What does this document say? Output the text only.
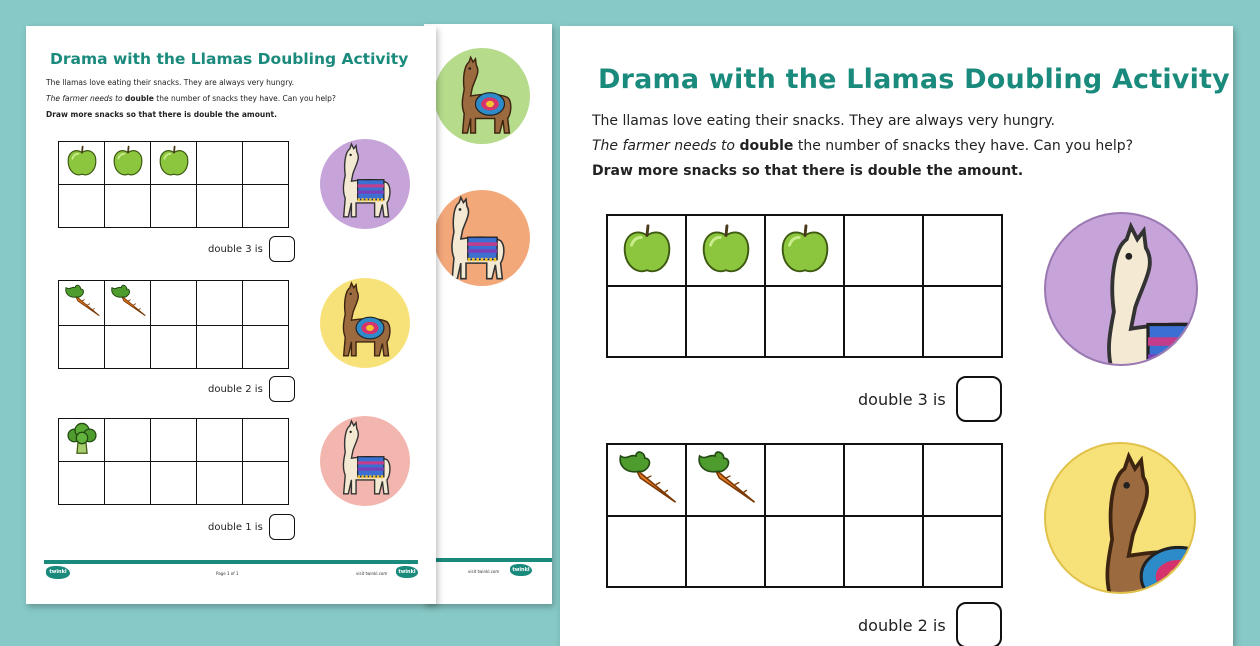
visit twinkl.com	twinkl
Drama with the Llamas Doubling Activity

The llamas love eating their snacks. They are always very hungry.

The farmer needs to double the number of snacks they have. Can you help?

Draw more snacks so that there is double the amount.

double 3 is

double 2 is

double 1 is
twinkl	Page 1 of 1	visit twinkl.com	twinkl
Drama with the Llamas Doubling Activity

The llamas love eating their snacks. They are always very hungry.

The farmer needs to double the number of snacks they have. Can you help?

Draw more snacks so that there is double the amount.

double 3 is

double 2 is
